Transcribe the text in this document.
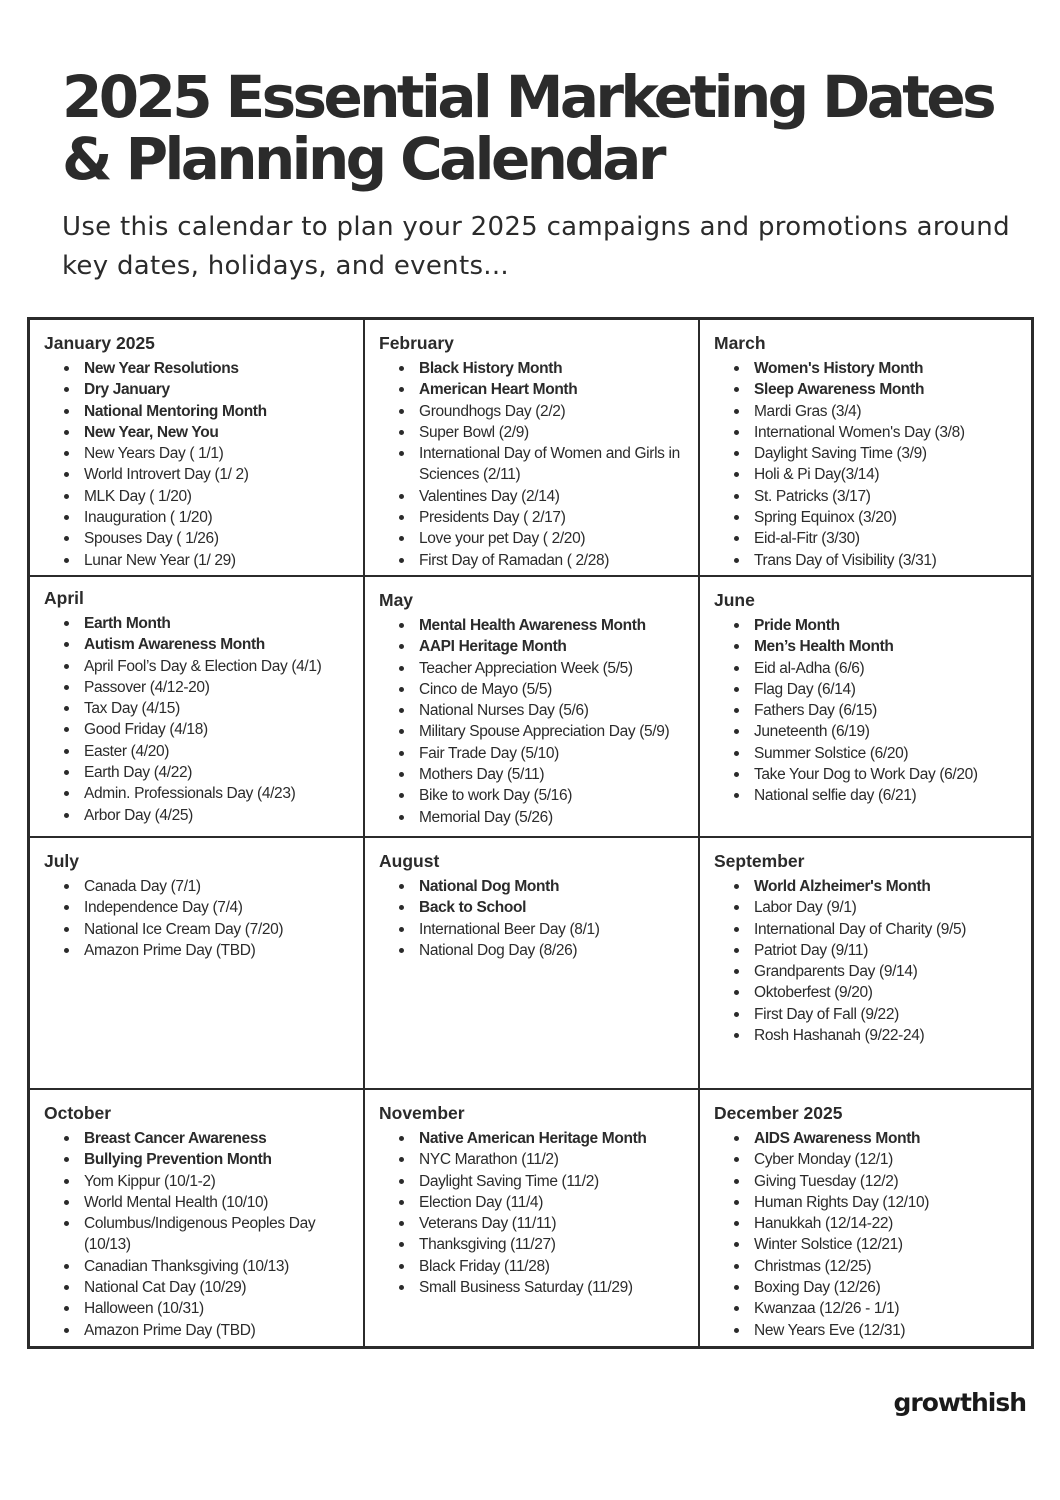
2025 Essential Marketing Dates
& Planning Calendar

Use this calendar to plan your 2025 campaigns and promotions around key dates, holidays, and events...

January 2025
New Year Resolutions
Dry January
National Mentoring Month
New Year, New You
New Years Day ( 1/1)
World Introvert Day (1/ 2)
MLK Day ( 1/20)
Inauguration ( 1/20)
Spouses Day ( 1/26)
Lunar New Year (1/ 29)
February
Black History Month
American Heart Month
Groundhogs Day (2/2)
Super Bowl (2/9)
International Day of Women and Girls in Sciences (2/11)
Valentines Day (2/14)
Presidents Day ( 2/17)
Love your pet Day ( 2/20)
First Day of Ramadan ( 2/28)
March
Women's History Month
Sleep Awareness Month
Mardi Gras (3/4)
International Women's Day (3/8)
Daylight Saving Time (3/9)
Holi & Pi Day(3/14)
St. Patricks (3/17)
Spring Equinox (3/20)
Eid-al-Fitr (3/30)
Trans Day of Visibility (3/31)
April
Earth Month
Autism Awareness Month
April Fool’s Day & Election Day (4/1)
Passover (4/12-20)
Tax Day (4/15)
Good Friday (4/18)
Easter (4/20)
Earth Day (4/22)
Admin. Professionals Day (4/23)
Arbor Day (4/25)
May
Mental Health Awareness Month
AAPI Heritage Month
Teacher Appreciation Week (5/5)
Cinco de Mayo (5/5)
National Nurses Day (5/6)
Military Spouse Appreciation Day (5/9)
Fair Trade Day (5/10)
Mothers Day (5/11)
Bike to work Day (5/16)
Memorial Day (5/26)
June
Pride Month
Men’s Health Month
Eid al-Adha (6/6)
Flag Day (6/14)
Fathers Day (6/15)
Juneteenth (6/19)
Summer Solstice (6/20)
Take Your Dog to Work Day (6/20)
National selfie day (6/21)
July
Canada Day (7/1)
Independence Day (7/4)
National Ice Cream Day (7/20)
Amazon Prime Day (TBD)
August
National Dog Month
Back to School
International Beer Day (8/1)
National Dog Day (8/26)
September
World Alzheimer's Month
Labor Day (9/1)
International Day of Charity (9/5)
Patriot Day (9/11)
Grandparents Day (9/14)
Oktoberfest (9/20)
First Day of Fall (9/22)
Rosh Hashanah (9/22-24)
October
Breast Cancer Awareness
Bullying Prevention Month
Yom Kippur (10/1-2)
World Mental Health (10/10)
Columbus/Indigenous Peoples Day (10/13)
Canadian Thanksgiving (10/13)
National Cat Day (10/29)
Halloween (10/31)
Amazon Prime Day (TBD)
November
Native American Heritage Month
NYC Marathon (11/2)
Daylight Saving Time (11/2)
Election Day (11/4)
Veterans Day (11/11)
Thanksgiving (11/27)
Black Friday (11/28)
Small Business Saturday (11/29)
December 2025
AIDS Awareness Month
Cyber Monday (12/1)
Giving Tuesday (12/2)
Human Rights Day (12/10)
Hanukkah (12/14-22)
Winter Solstice (12/21)
Christmas (12/25)
Boxing Day (12/26)
Kwanzaa (12/26 - 1/1)
New Years Eve (12/31)
growthish
